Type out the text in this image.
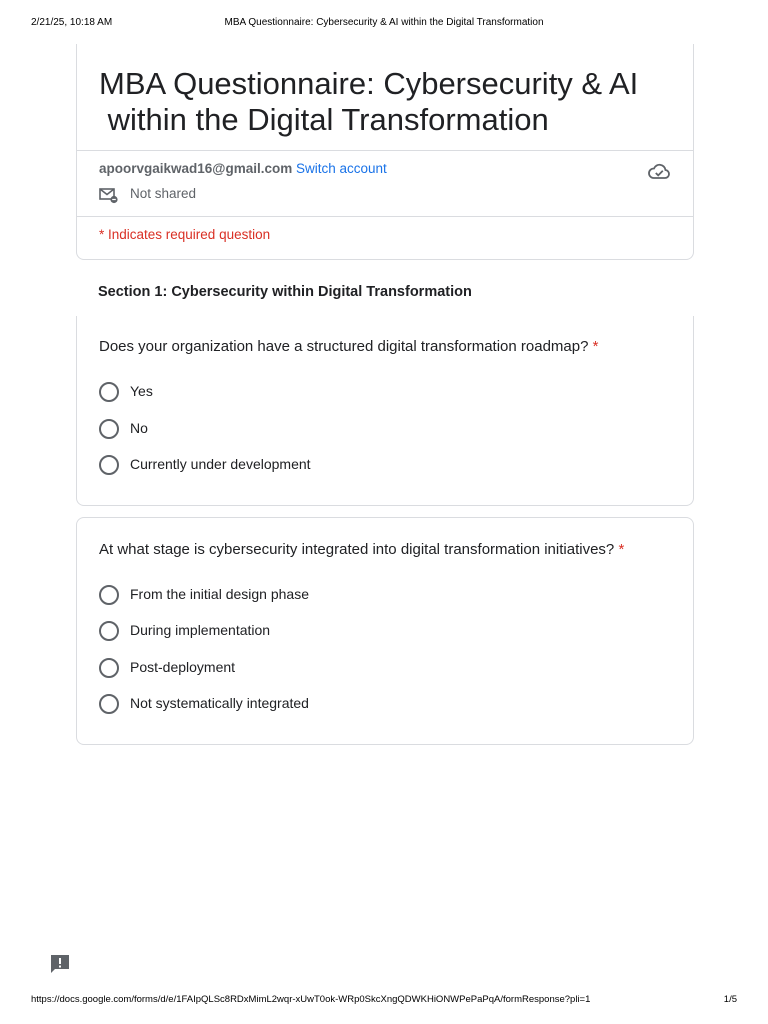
2/21/25, 10:18 AM	MBA Questionnaire: Cybersecurity & AI within the Digital Transformation
MBA Questionnaire: Cybersecurity & AI
within the Digital Transformation
apoorvgaikwad16@gmail.com Switch account
Not shared
* Indicates required question
Section 1: Cybersecurity within Digital Transformation
Does your organization have a structured digital transformation roadmap? *
Yes
No
Currently under development
At what stage is cybersecurity integrated into digital transformation initiatives? *
From the initial design phase
During implementation
Post-deployment
Not systematically integrated
https://docs.google.com/forms/d/e/1FAIpQLSc8RDxMimL2wqr-xUwT0ok-WRp0SkcXngQDWKHiONWPePaPqA/formResponse?pli=1	1/5
